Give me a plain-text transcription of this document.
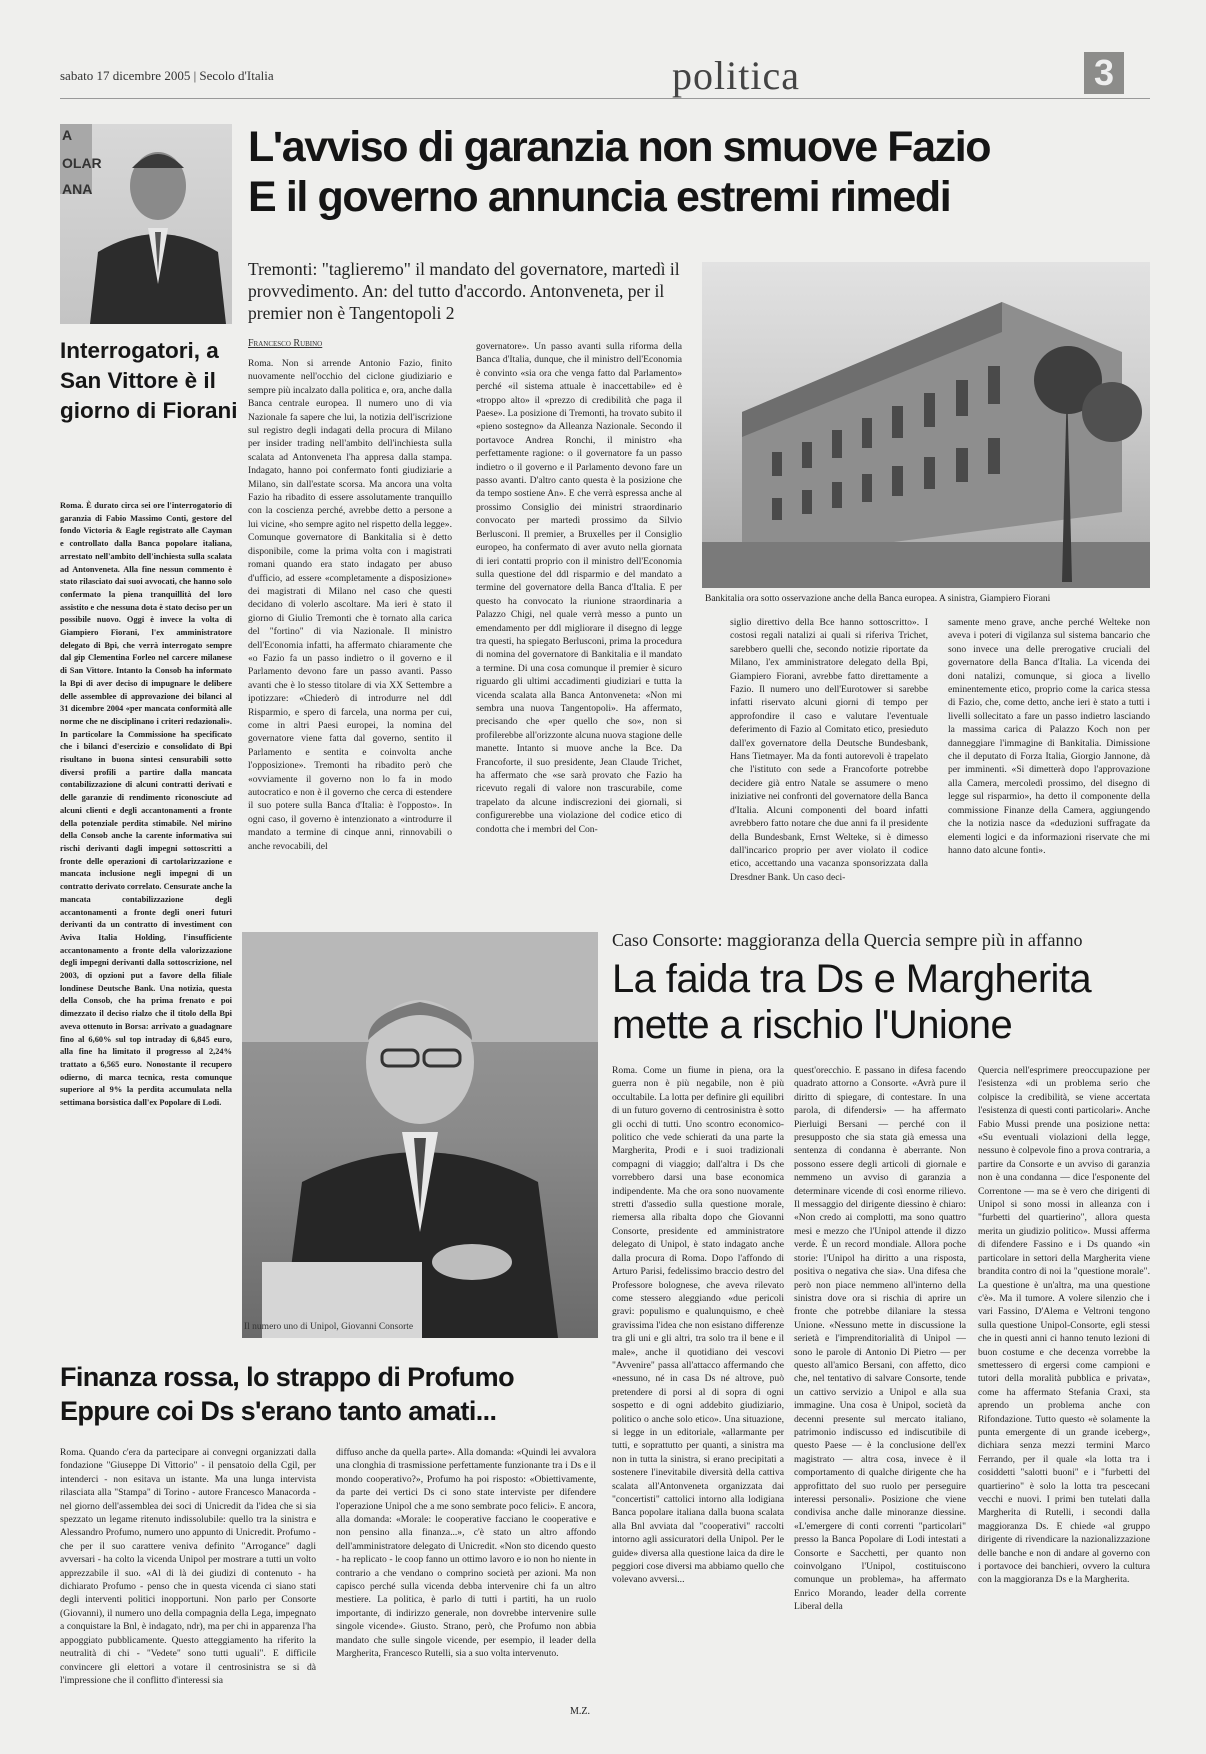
sabato 17 dicembre 2005 | Secolo d'Italia	politica	3
A
OLAR
ANA
L'avviso di garanzia non smuove Fazio
E il governo annuncia estremi rimedi
Tremonti: "taglieremo" il mandato del governatore, martedì il provvedimento. An: del tutto d'accordo. Antonveneta, per il premier non è Tangentopoli 2
Bankitalia ora sotto osservazione anche della Banca europea. A sinistra, Giampiero Fiorani
Francesco Rubino
Roma. Non si arrende Antonio Fazio, finito nuovamente nell'occhio del ciclone giudiziario e sempre più incalzato dalla politica e, ora, anche dalla Banca centrale europea. Il numero uno di via Nazionale fa sapere che lui, la notizia dell'iscrizione sul registro degli indagati della procura di Milano per insider trading nell'ambito dell'inchiesta sulla scalata ad Antonveneta l'ha appresa dalla stampa. Indagato, hanno poi confermato fonti giudiziarie a Milano, sin dall'estate scorsa. Ma ancora una volta Fazio ha ribadito di essere assolutamente tranquillo con la coscienza perché, avrebbe detto a persone a lui vicine, «ho sempre agito nel rispetto della legge». Comunque governatore di Bankitalia si è detto disponibile, come la prima volta con i magistrati romani quando era stato indagato per abuso d'ufficio, ad essere «completamente a disposizione» dei magistrati di Milano nel caso che questi decidano di volerlo ascoltare. Ma ieri è stato il giorno di Giulio Tremonti che è tornato alla carica del "fortino" di via Nazionale. Il ministro dell'Economia infatti, ha affermato chiaramente che «o Fazio fa un passo indietro o il governo e il Parlamento devono fare un passo avanti. Passo avanti che è lo stesso titolare di via XX Settembre a ipotizzare: «Chiederò di introdurre nel ddl Risparmio, e spero di farcela, una norma per cui, come in altri Paesi europei, la nomina del governatore viene fatta dal governo, sentito il Parlamento e sentita e coinvolta anche l'opposizione». Tremonti ha ribadito però che «ovviamente il governo non lo fa in modo autocratico e non è il governo che cerca di estendere il suo potere sulla Banca d'Italia: è l'opposto». In ogni caso, il governo è intenzionato a «introdurre il mandato a termine di cinque anni, rinnovabili o anche revocabili, del
governatore». Un passo avanti sulla riforma della Banca d'Italia, dunque, che il ministro dell'Economia è convinto «sia ora che venga fatto dal Parlamento» perché «il sistema attuale è inaccettabile» ed è «troppo alto» il «prezzo di credibilità che paga il Paese». La posizione di Tremonti, ha trovato subito il «pieno sostegno» da Alleanza Nazionale. Secondo il portavoce Andrea Ronchi, il ministro «ha perfettamente ragione: o il governatore fa un passo indietro o il governo e il Parlamento devono fare un passo avanti. D'altro canto questa è la posizione che da tempo sostiene An». E che verrà espressa anche al prossimo Consiglio dei ministri straordinario convocato per martedì prossimo da Silvio Berlusconi. Il premier, a Bruxelles per il Consiglio europeo, ha confermato di aver avuto nella giornata di ieri contatti proprio con il ministro dell'Economia sulla questione del ddl risparmio e del mandato a termine del governatore della Banca d'Italia. E per questo ha convocato la riunione straordinaria a Palazzo Chigi, nel quale verrà messo a punto un emendamento per ddl migliorare il disegno di legge tra questi, ha spiegato Berlusconi, prima la procedura di nomina del governatore di Bankitalia e il mandato a termine. Di una cosa comunque il premier è sicuro riguardo gli ultimi accadimenti giudiziari e tutta la vicenda scalata alla Banca Antonveneta: «Non mi sembra una nuova Tangentopoli». Ha affermato, precisando che «per quello che so», non si profilerebbe all'orizzonte alcuna nuova stagione delle manette. Intanto si muove anche la Bce. Da Francoforte, il suo presidente, Jean Claude Trichet, ha affermato che «se sarà provato che Fazio ha ricevuto regali di valore non trascurabile, come trapelato da alcune indiscrezioni dei giornali, si configurerebbe una violazione del codice etico di condotta che i membri del Con-
siglio direttivo della Bce hanno sottoscritto». I costosi regali natalizi ai quali si riferiva Trichet, sarebbero quelli che, secondo notizie riportate da Milano, l'ex amministratore delegato della Bpi, Giampiero Fiorani, avrebbe fatto direttamente a Fazio. Il numero uno dell'Eurotower si sarebbe infatti riservato alcuni giorni di tempo per approfondire il caso e valutare l'eventuale deferimento di Fazio al Comitato etico, presieduto dall'ex governatore della Deutsche Bundesbank, Hans Tietmayer. Ma da fonti autorevoli è trapelato che l'istituto con sede a Francoforte potrebbe decidere già entro Natale se assumere o meno iniziative nei confronti del governatore della Banca d'Italia. Alcuni componenti del board infatti avrebbero fatto notare che due anni fa il presidente della Bundesbank, Ernst Welteke, si è dimesso dall'incarico proprio per aver violato il codice etico, accettando una vacanza sponsorizzata dalla Dresdner Bank. Un caso deci-
samente meno grave, anche perché Welteke non aveva i poteri di vigilanza sul sistema bancario che sono invece una delle prerogative cruciali del governatore della Banca d'Italia. La vicenda dei doni natalizi, comunque, si gioca a livello eminentemente etico, proprio come la carica stessa di Fazio, che, come detto, anche ieri è stato a tutti i livelli sollecitato a fare un passo indietro lasciando la massima carica di Palazzo Koch non per danneggiare l'immagine di Bankitalia. Dimissione che il deputato di Forza Italia, Giorgio Jannone, dà per imminenti. «Si dimetterà dopo l'approvazione alla Camera, mercoledì prossimo, del disegno di legge sul risparmio», ha detto il componente della commissione Finanze della Camera, aggiungendo che la notizia nasce da «deduzioni suffragate da elementi logici e da informazioni riservate che mi hanno dato alcune fonti».
Interrogatori, a San Vittore è il giorno di Fiorani
Roma. È durato circa sei ore l'interrogatorio di garanzia di Fabio Massimo Conti, gestore del fondo Victoria & Eagle registrato alle Cayman e controllato dalla Banca popolare italiana, arrestato nell'ambito dell'inchiesta sulla scalata ad Antonveneta. Alla fine nessun commento è stato rilasciato dai suoi avvocati, che hanno solo confermato la piena tranquillità del loro assistito e che nessuna dota è stato deciso per un possibile nuovo. Oggi è invece la volta di Giampiero Fiorani, l'ex amministratore delegato di Bpi, che verrà interrogato sempre dal gip Clementina Forleo nel carcere milanese di San Vittore. Intanto la Consob ha informato la Bpi di aver deciso di impugnare le delibere delle assemblee di approvazione dei bilanci al 31 dicembre 2004 «per mancata conformità alle norme che ne disciplinano i criteri redazionali». In particolare la Commissione ha specificato che i bilanci d'esercizio e consolidato di Bpi risultano in buona sintesi censurabili sotto diversi profili a partire dalla mancata contabilizzazione di alcuni contratti derivati e delle garanzie di rendimento riconosciute ad alcuni clienti e degli accantonamenti a fronte della potenziale perdita stimabile. Nel mirino della Consob anche la carente informativa sui rischi derivanti dagli impegni sottoscritti a fronte delle operazioni di cartolarizzazione e mancata inclusione negli impegni di un contratto derivato correlato. Censurate anche la mancata contabilizzazione degli accantonamenti a fronte degli oneri futuri derivanti da un contratto di investiment con Aviva Italia Holding, l'insufficiente accantonamento a fronte della valorizzazione degli impegni derivanti dalla sottoscrizione, nel 2003, di opzioni put a favore della filiale londinese Deutsche Bank. Una notizia, questa della Consob, che ha prima frenato e poi dimezzato il deciso rialzo che il titolo della Bpi aveva ottenuto in Borsa: arrivato a guadagnare fino al 6,60% sul top intraday di 6,845 euro, alla fine ha limitato il progresso al 2,24% trattato a 6,565 euro. Nonostante il recupero odierno, di marca tecnica, resta comunque superiore al 9% la perdita accumulata nella settimana borsistica dall'ex Popolare di Lodi.
Il numero uno di Unipol, Giovanni Consorte
Caso Consorte: maggioranza della Quercia sempre più in affanno
La faida tra Ds e Margherita
mette a rischio l'Unione
Roma. Come un fiume in piena, ora la guerra non è più negabile, non è più occultabile. La lotta per definire gli equilibri di un futuro governo di centrosinistra è sotto gli occhi di tutti. Uno scontro economico-politico che vede schierati da una parte la Margherita, Prodi e i suoi tradizionali compagni di viaggio; dall'altra i Ds che vorrebbero darsi una base economica indipendente. Ma che ora sono nuovamente stretti d'assedio sulla questione morale, riemersa alla ribalta dopo che Giovanni Consorte, presidente ed amministratore delegato di Unipol, è stato indagato anche dalla procura di Roma. Dopo l'affondo di Arturo Parisi, fedelissimo braccio destro del Professore bolognese, che aveva rilevato come stessero aleggiando «due pericoli gravi: populismo e qualunquismo, e cheè gravissima l'idea che non esistano differenze tra gli uni e gli altri, tra solo tra il bene e il male», anche il quotidiano dei vescovi "Avvenire" passa all'attacco affermando che «nessuno, né in casa Ds né altrove, può pretendere di porsi al di sopra di ogni sospetto e di ogni addebito giudiziario, politico o anche solo etico». Una situazione, si legge in un editoriale, «allarmante per tutti, e soprattutto per quanti, a sinistra ma non in tutta la sinistra, si erano precipitati a sostenere l'inevitabile diversità della cattiva scalata all'Antonveneta organizzata dai "concertisti" cattolici intorno alla lodigiana Banca popolare italiana dalla buona scalata alla Bnl avviata dal "cooperativi" raccolti intorno agli assicuratori della Unipol. Per le guide» diversa alla questione laica da dire le peggiori cose diversi ma abbiamo quello che volevano avversi...
quest'orecchio. E passano in difesa facendo quadrato attorno a Consorte. «Avrà pure il diritto di spiegare, di contestare. In una parola, di difendersi» — ha affermato Pierluigi Bersani — perché con il presupposto che sia stata già emessa una sentenza di condanna è aberrante. Non possono essere degli articoli di giornale e nemmeno un avviso di garanzia a determinare vicende di così enorme rilievo. Il messaggio del dirigente diessino è chiaro: «Non credo ai complotti, ma sono quattro mesi e mezzo che l'Unipol attende il dizzo verde. È un record mondiale. Allora poche storie: l'Unipol ha diritto a una risposta, positiva o negativa che sia». Una difesa che però non piace nemmeno all'interno della sinistra dove ora si rischia di aprire un fronte che potrebbe dilaniare la stessa Unione. «Nessuno mette in discussione la serietà e l'imprenditorialità di Unipol — sono le parole di Antonio Di Pietro — per questo all'amico Bersani, con affetto, dico che, nel tentativo di salvare Consorte, tende un cattivo servizio a Unipol e alla sua immagine. Una cosa è Unipol, società da decenni presente sul mercato italiano, patrimonio indiscusso ed indiscutibile di questo Paese — è la conclusione dell'ex magistrato — altra cosa, invece è il comportamento di qualche dirigente che ha approfittato del suo ruolo per perseguire interessi personali». Posizione che viene condivisa anche dalle minoranze diessine. «L'emergere di conti correnti "particolari" presso la Banca Popolare di Lodi intestati a Consorte e Sacchetti, per quanto non coinvolgano l'Unipol, costituiscono comunque un problema», ha affermato Enrico Morando, leader della corrente Liberal della
Quercia nell'esprimere preoccupazione per l'esistenza «di un problema serio che colpisce la credibilità, se viene accertata l'esistenza di questi conti particolari». Anche Fabio Mussi prende una posizione netta: «Su eventuali violazioni della legge, nessuno è colpevole fino a prova contraria, a partire da Consorte e un avviso di garanzia non è una condanna — dice l'esponente del Correntone — ma se è vero che dirigenti di Unipol si sono mossi in alleanza con i "furbetti del quartierino", allora questa merita un giudizio politico». Mussi afferma di difendere Fassino e i Ds quando «in particolare in settori della Margherita viene brandita contro di noi la "questione morale". La questione è un'altra, ma una questione c'è». Ma il tumore. A volere silenzio che i vari Fassino, D'Alema e Veltroni tengono sulla questione Unipol-Consorte, egli stessi che in questi anni ci hanno tenuto lezioni di buon costume e che decenza vorrebbe la smettessero di ergersi come campioni e tutori della moralità pubblica e privata», come ha affermato Stefania Craxi, sta aprendo un problema anche con Rifondazione. Tutto questo «è solamente la punta emergente di un grande iceberg», dichiara senza mezzi termini Marco Ferrando, per il quale «la lotta tra i cosiddetti "salotti buoni" e i "furbetti del quartierino" è solo la lotta tra pescecani vecchi e nuovi. I primi ben tutelati dalla Margherita di Rutelli, i secondi dalla maggioranza Ds. E chiede «al gruppo dirigente di rivendicare la nazionalizzazione delle banche e non di andare al governo con i portavoce dei banchieri, ovvero la cultura con la maggioranza Ds e la Margherita.
Finanza rossa, lo strappo di Profumo
Eppure coi Ds s'erano tanto amati...
Roma. Quando c'era da partecipare ai convegni organizzati dalla fondazione "Giuseppe Di Vittorio" - il pensatoio della Cgil, per intenderci - non esitava un istante. Ma una lunga intervista rilasciata alla "Stampa" di Torino - autore Francesco Manacorda - nel giorno dell'assemblea dei soci di Unicredit da l'idea che si sia spezzato un legame ritenuto indissolubile: quello tra la sinistra e Alessandro Profumo, numero uno appunto di Unicredit. Profumo - che per il suo carattere veniva definito "Arrogance" dagli avversari - ha colto la vicenda Unipol per mostrare a tutti un volto apprezzabile il suo. «Al di là dei giudizi di contenuto - ha dichiarato Profumo - penso che in questa vicenda ci siano stati degli interventi politici inopportuni. Non parlo per Consorte (Giovanni), il numero uno della compagnia della Lega, impegnato a conquistare la Bnl, è indagato, ndr), ma per chi in apparenza l'ha appoggiato pubblicamente. Questo atteggiamento ha riferito la neutralità di chi - "Vedete" sono tutti uguali". E difficile convincere gli elettori a votare il centrosinistra se si dà l'impressione che il conflitto d'interessi sia
diffuso anche da quella parte». Alla domanda: «Quindi lei avvalora una clonghia di trasmissione perfettamente funzionante tra i Ds e il mondo cooperativo?», Profumo ha poi risposto: «Obiettivamente, da parte dei vertici Ds ci sono state interviste per difendere l'operazione Unipol che a me sono sembrate poco felici». E ancora, alla domanda: «Morale: le cooperative facciano le cooperative e non pensino alla finanza...», c'è stato un altro affondo dell'amministratore delegato di Unicredit. «Non sto dicendo questo - ha replicato - le coop fanno un ottimo lavoro e io non ho niente in contrario a che vendano o comprino società per azioni. Ma non capisco perché sulla vicenda debba intervenire chi fa un altro mestiere. La politica, è parlo di tutti i partiti, ha un ruolo importante, di indirizzo generale, non dovrebbe intervenire sulle singole vicende». Giusto. Strano, però, che Profumo non abbia mandato che sulle singole vicende, per esempio, il leader della Margherita, Francesco Rutelli, sia a suo volta intervenuto.
M.Z.
